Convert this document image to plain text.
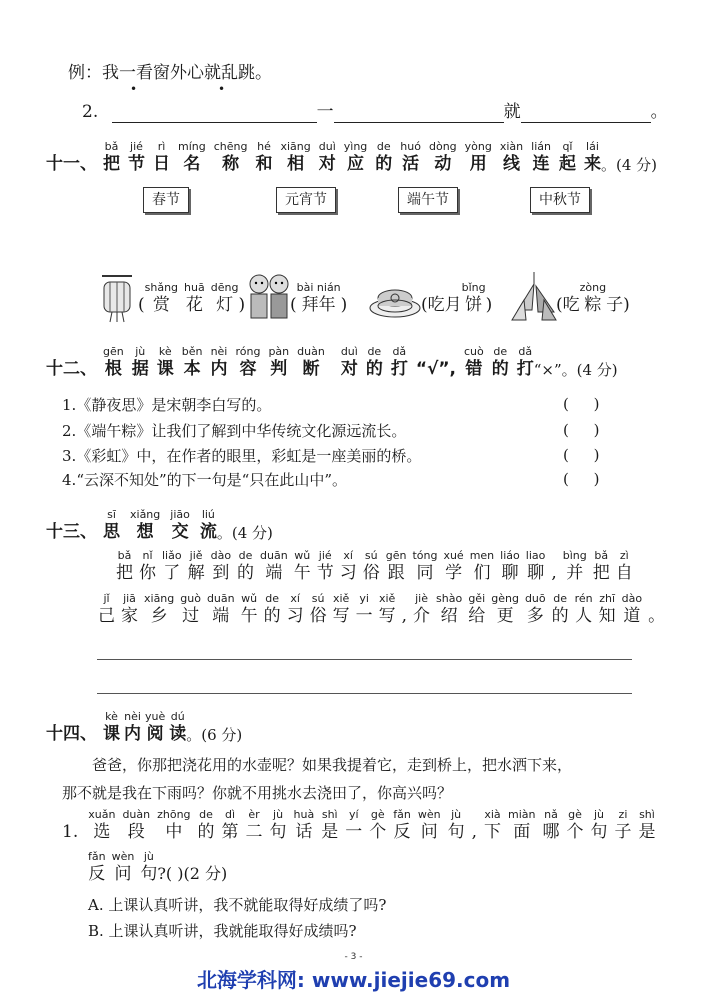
例：我一看窗外心就乱跳。
•	•
2.	一	就	。
十一、
bǎ
把
jié
节
rì
日
míng
名
chēng
称
hé
和
xiāng
相
duì
对
yìng
应
de
的
huó
活
dòng
动
yòng
用
xiàn
线
lián
连
qǐ
起
lái
来 。(4 分)
春节	元宵节	端午节	中秋节
(
shǎng
赏
huā
花
dēng
灯 )	(
bài nián
拜年 )	(吃月
bǐng
饼 )	(吃
zòng
粽 子)
十二、
gēn
根
jù
据
kè
课
běn
本
nèi
内
róng
容
pàn
判
duàn
断
duì
对
de
的
dǎ
打 “√”,
cuò
错
de
的
dǎ
打 “×”。(4 分)
1.《静夜思》是宋朝李白写的。	( )
2.《端午粽》让我们了解到中华传统文化源远流长。	( )
3.《彩虹》中，在作者的眼里，彩虹是一座美丽的桥。	( )
4.“云深不知处”的下一句是“只在此山中”。	( )
十三、
sī
思
xiǎng
想
jiāo
交
liú
流 。(4 分)
bǎ
把
nǐ
你
liǎo
了
jiě
解
dào
到
de
的
duān
端
wǔ
午
jié
节
xí
习
sú
俗
gēn
跟
tóng
同
xué
学
men
们
liáo
聊
liao
聊 ,
bìng
并
bǎ
把
zì
自
jǐ
己
jiā
家
xiāng
乡
guò
过
duān
端
wǔ
午
de
的
xí
习
sú
俗
xiě
写
yi
一
xiě
写 ,
jiè
介
shào
绍
gěi
给
gèng
更
duō
多
de
的
rén
人
zhī
知
dào
道 。
十四、
kè
课
nèi
内
yuè
阅
dú
读 。(6 分)
爸爸，你那把浇花用的水壶呢？如果我提着它，走到桥上，把水洒下来，
那不就是我在下雨吗？你就不用挑水去浇田了，你高兴吗？
1.
xuǎn
选
duàn
段
zhōng
中
de
的
dì
第
èr
二
jù
句
huà
话
shì
是
yí
一
gè
个
fǎn
反
wèn
问
jù
句 ,
xià
下
miàn
面
nǎ
哪
gè
个
jù
句
zi
子
shì
是
fǎn
反
wèn
问
jù
句 ?( )(2 分)
A. 上课认真听讲，我不就能取得好成绩了吗?
B. 上课认真听讲，我就能取得好成绩吗?
- 3 -
北海学科网: www.jiejie69.com
